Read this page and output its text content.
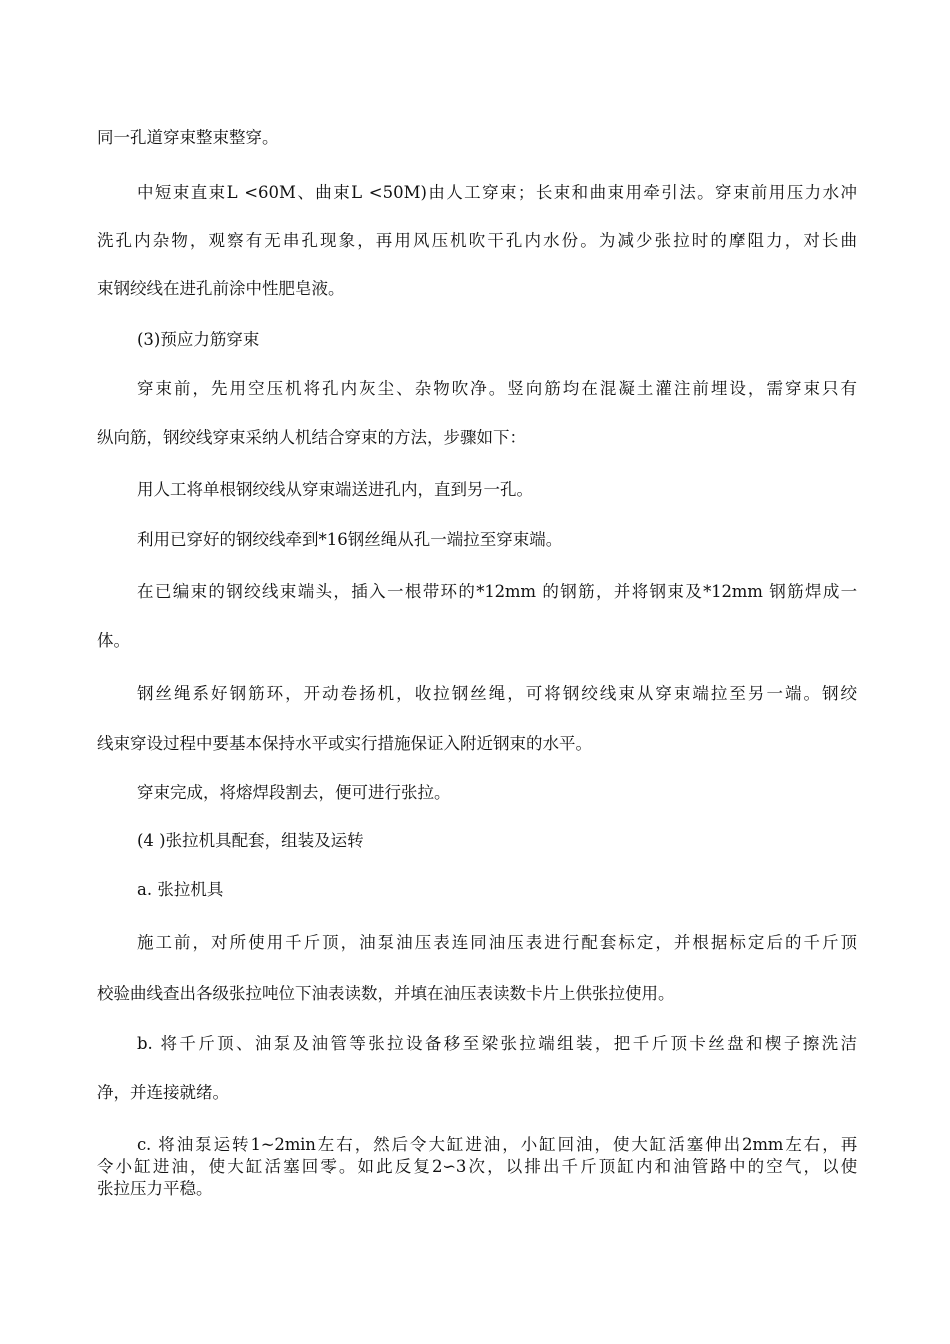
同一孔道穿束整束整穿。

中短束直束L <60M、曲束L <50M)由人工穿束；长束和曲束用牵引法。穿束前用压力水冲

洗孔内杂物，观察有无串孔现象，再用风压机吹干孔内水份。为减少张拉时的摩阻力，对长曲

束钢绞线在进孔前涂中性肥皂液。

(3)预应力筋穿束

穿束前，先用空压机将孔内灰尘、杂物吹净。竖向筋均在混凝土灌注前埋设，需穿束只有

纵向筋，钢绞线穿束采纳人机结合穿束的方法，步骤如下：

用人工将单根钢绞线从穿束端送进孔内，直到另一孔。

利用已穿好的钢绞线牵到*16钢丝绳从孔一端拉至穿束端。

在已编束的钢绞线束端头，插入一根带环的*12mm 的钢筋，并将钢束及*12mm 钢筋焊成一

体。

钢丝绳系好钢筋环，开动卷扬机，收拉钢丝绳，可将钢绞线束从穿束端拉至另一端。钢绞

线束穿设过程中要基本保持水平或实行措施保证入附近钢束的水平。

穿束完成，将熔焊段割去，便可进行张拉。

(4 )张拉机具配套，组装及运转

a. 张拉机具

施工前，对所使用千斤顶，油泵油压表连同油压表进行配套标定，并根据标定后的千斤顶

校验曲线查出各级张拉吨位下油表读数，并填在油压表读数卡片上供张拉使用。

b. 将千斤顶、油泵及油管等张拉设备移至梁张拉端组装，把千斤顶卡丝盘和楔子擦洗洁

净，并连接就绪。

c. 将油泵运转1~2min左右，然后令大缸进油，小缸回油，使大缸活塞伸出2mm左右，再

令小缸进油，使大缸活塞回零。如此反复2∽3次，以排出千斤顶缸内和油管路中的空气，以使

张拉压力平稳。
